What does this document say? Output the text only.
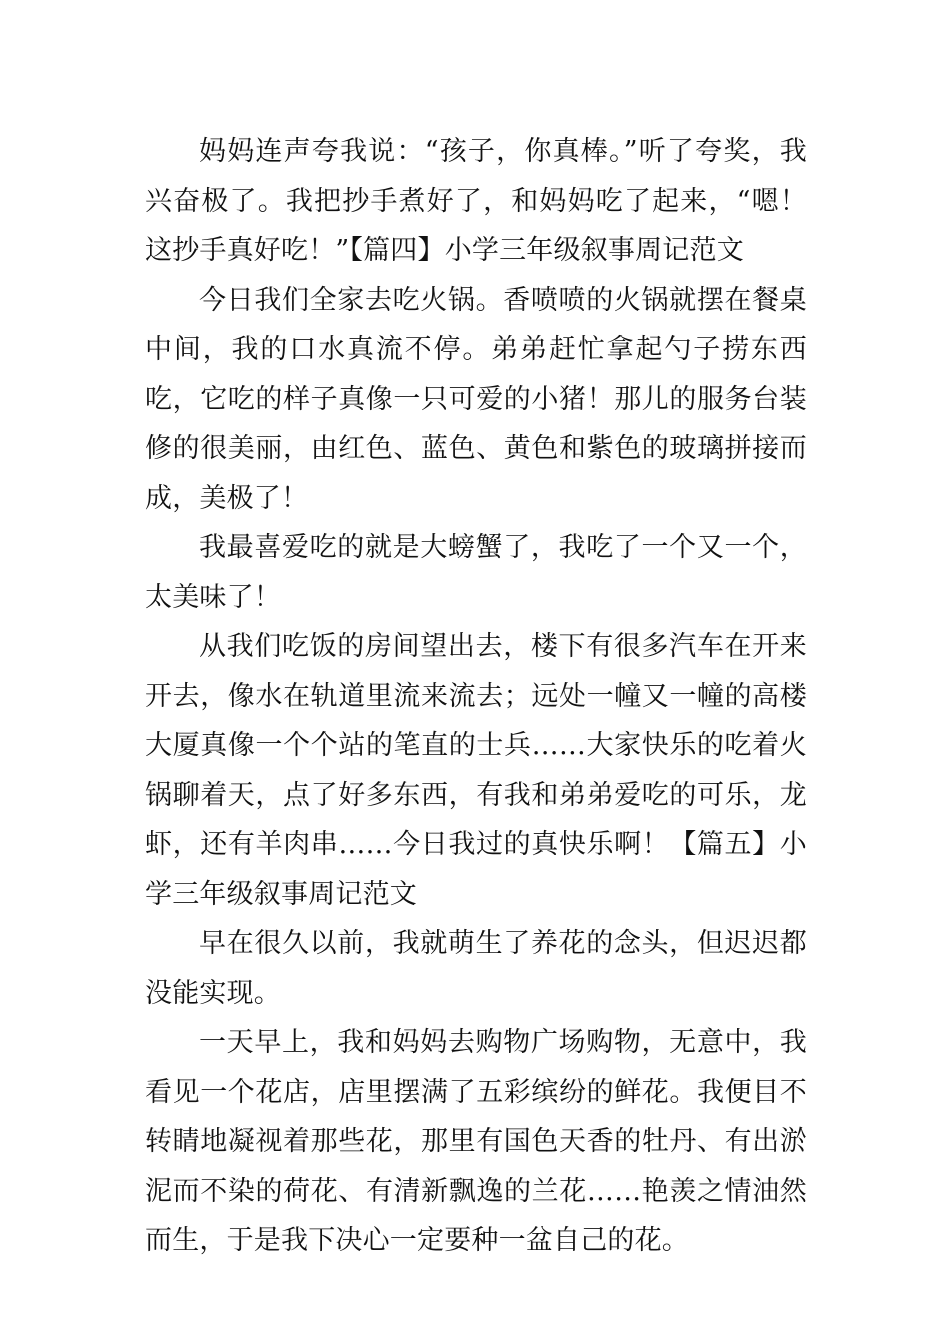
妈妈连声夸我说：“孩子，你真棒。”听了夸奖，我兴奋极了。我把抄手煮好了，和妈妈吃了起来，“嗯！这抄手真好吃！”【篇四】小学三年级叙事周记范文

今日我们全家去吃火锅。香喷喷的火锅就摆在餐桌中间，我的口水真流不停。弟弟赶忙拿起勺子捞东西吃，它吃的样子真像一只可爱的小猪！那儿的服务台装修的很美丽，由红色、蓝色、黄色和紫色的玻璃拼接而成，美极了！

我最喜爱吃的就是大螃蟹了，我吃了一个又一个，太美味了！

从我们吃饭的房间望出去，楼下有很多汽车在开来开去，像水在轨道里流来流去；远处一幢又一幢的高楼大厦真像一个个站的笔直的士兵……大家快乐的吃着火锅聊着天，点了好多东西，有我和弟弟爱吃的可乐，龙虾，还有羊肉串……今日我过的真快乐啊！【篇五】小学三年级叙事周记范文

早在很久以前，我就萌生了养花的念头，但迟迟都没能实现。

一天早上，我和妈妈去购物广场购物，无意中，我看见一个花店，店里摆满了五彩缤纷的鲜花。我便目不转睛地凝视着那些花，那里有国色天香的牡丹、有出淤泥而不染的荷花、有清新飘逸的兰花……艳羡之情油然而生，于是我下决心一定要种一盆自己的花。
